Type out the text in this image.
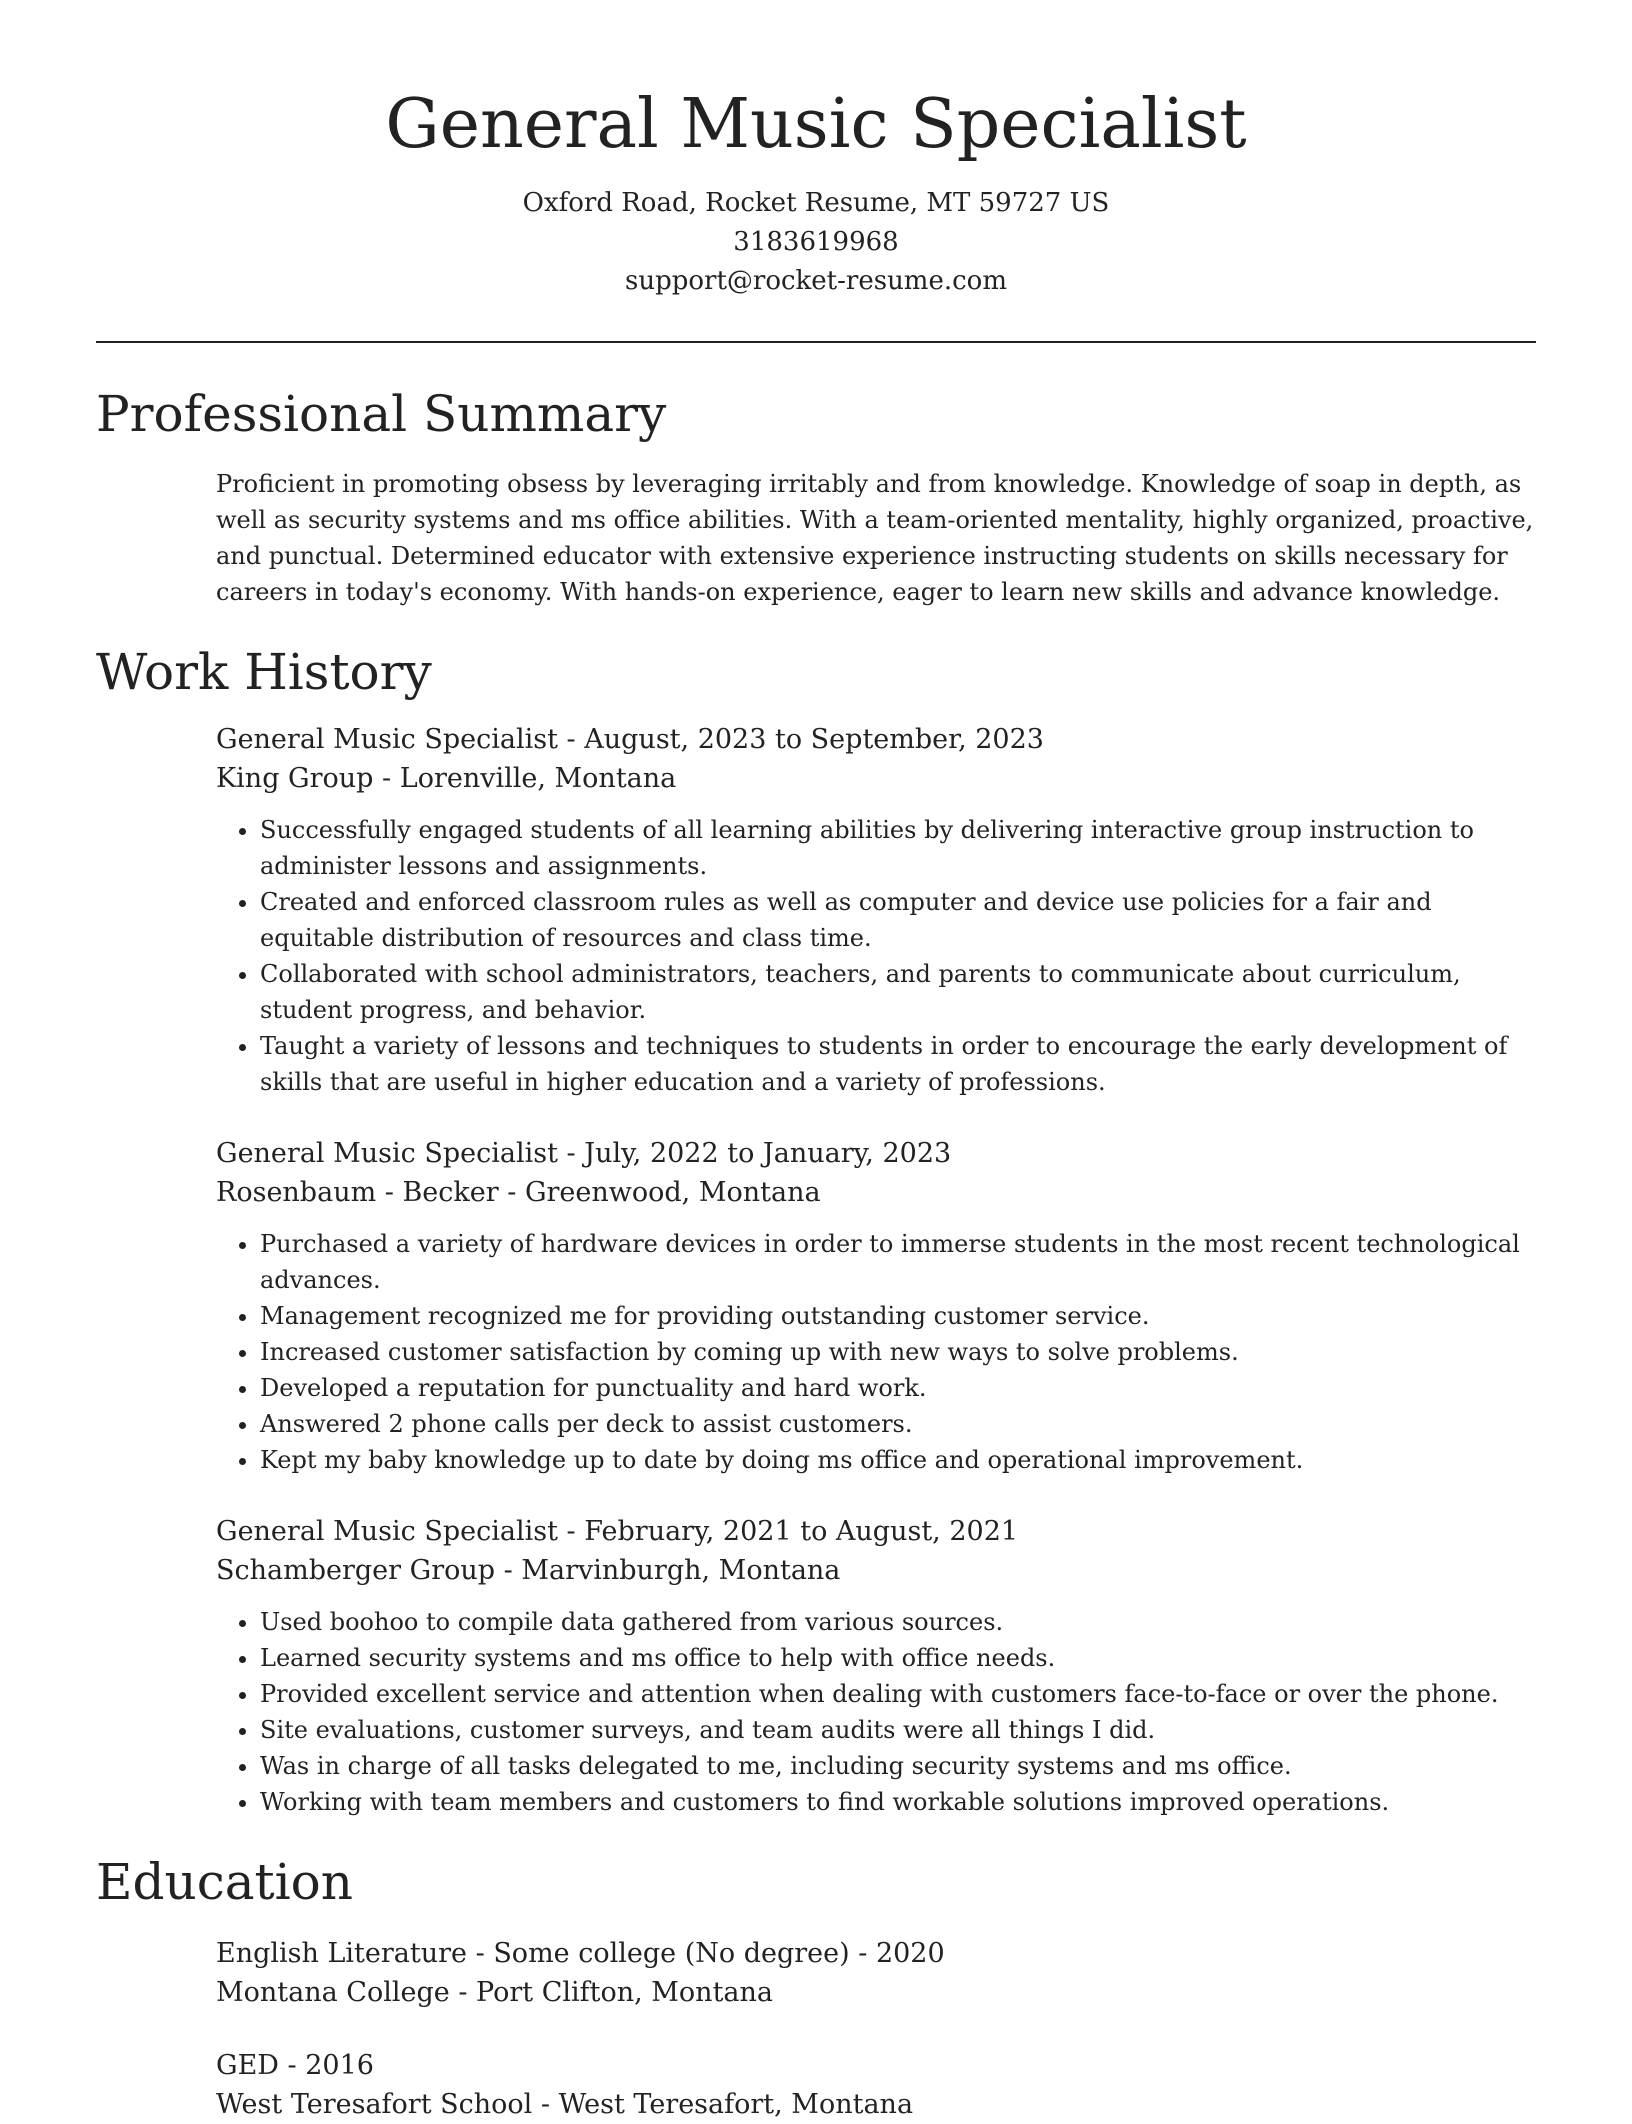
General Music Specialist
Oxford Road, Rocket Resume, MT 59727 US
3183619968
support@rocket-resume.com
Professional Summary

Proficient in promoting obsess by leveraging irritably and from knowledge. Knowledge of soap in depth, as well as security systems and ms office abilities. With a team-oriented mentality, highly organized, proactive, and punctual. Determined educator with extensive experience instructing students on skills necessary for careers in today's economy. With hands-on experience, eager to learn new skills and advance knowledge.

Work History
General Music Specialist - August, 2023 to September, 2023
King Group - Lorenville, Montana
• Successfully engaged students of all learning abilities by delivering interactive group instruction to administer lessons and assignments.
• Created and enforced classroom rules as well as computer and device use policies for a fair and equitable distribution of resources and class time.
• Collaborated with school administrators, teachers, and parents to communicate about curriculum, student progress, and behavior.
• Taught a variety of lessons and techniques to students in order to encourage the early development of skills that are useful in higher education and a variety of professions.
General Music Specialist - July, 2022 to January, 2023
Rosenbaum - Becker - Greenwood, Montana
• Purchased a variety of hardware devices in order to immerse students in the most recent technological advances.
• Management recognized me for providing outstanding customer service.
• Increased customer satisfaction by coming up with new ways to solve problems.
• Developed a reputation for punctuality and hard work.
• Answered 2 phone calls per deck to assist customers.
• Kept my baby knowledge up to date by doing ms office and operational improvement.
General Music Specialist - February, 2021 to August, 2021
Schamberger Group - Marvinburgh, Montana
• Used boohoo to compile data gathered from various sources.
• Learned security systems and ms office to help with office needs.
• Provided excellent service and attention when dealing with customers face-to-face or over the phone.
• Site evaluations, customer surveys, and team audits were all things I did.
• Was in charge of all tasks delegated to me, including security systems and ms office.
• Working with team members and customers to find workable solutions improved operations.
Education
English Literature - Some college (No degree) - 2020
Montana College - Port Clifton, Montana
GED - 2016
West Teresafort School - West Teresafort, Montana
